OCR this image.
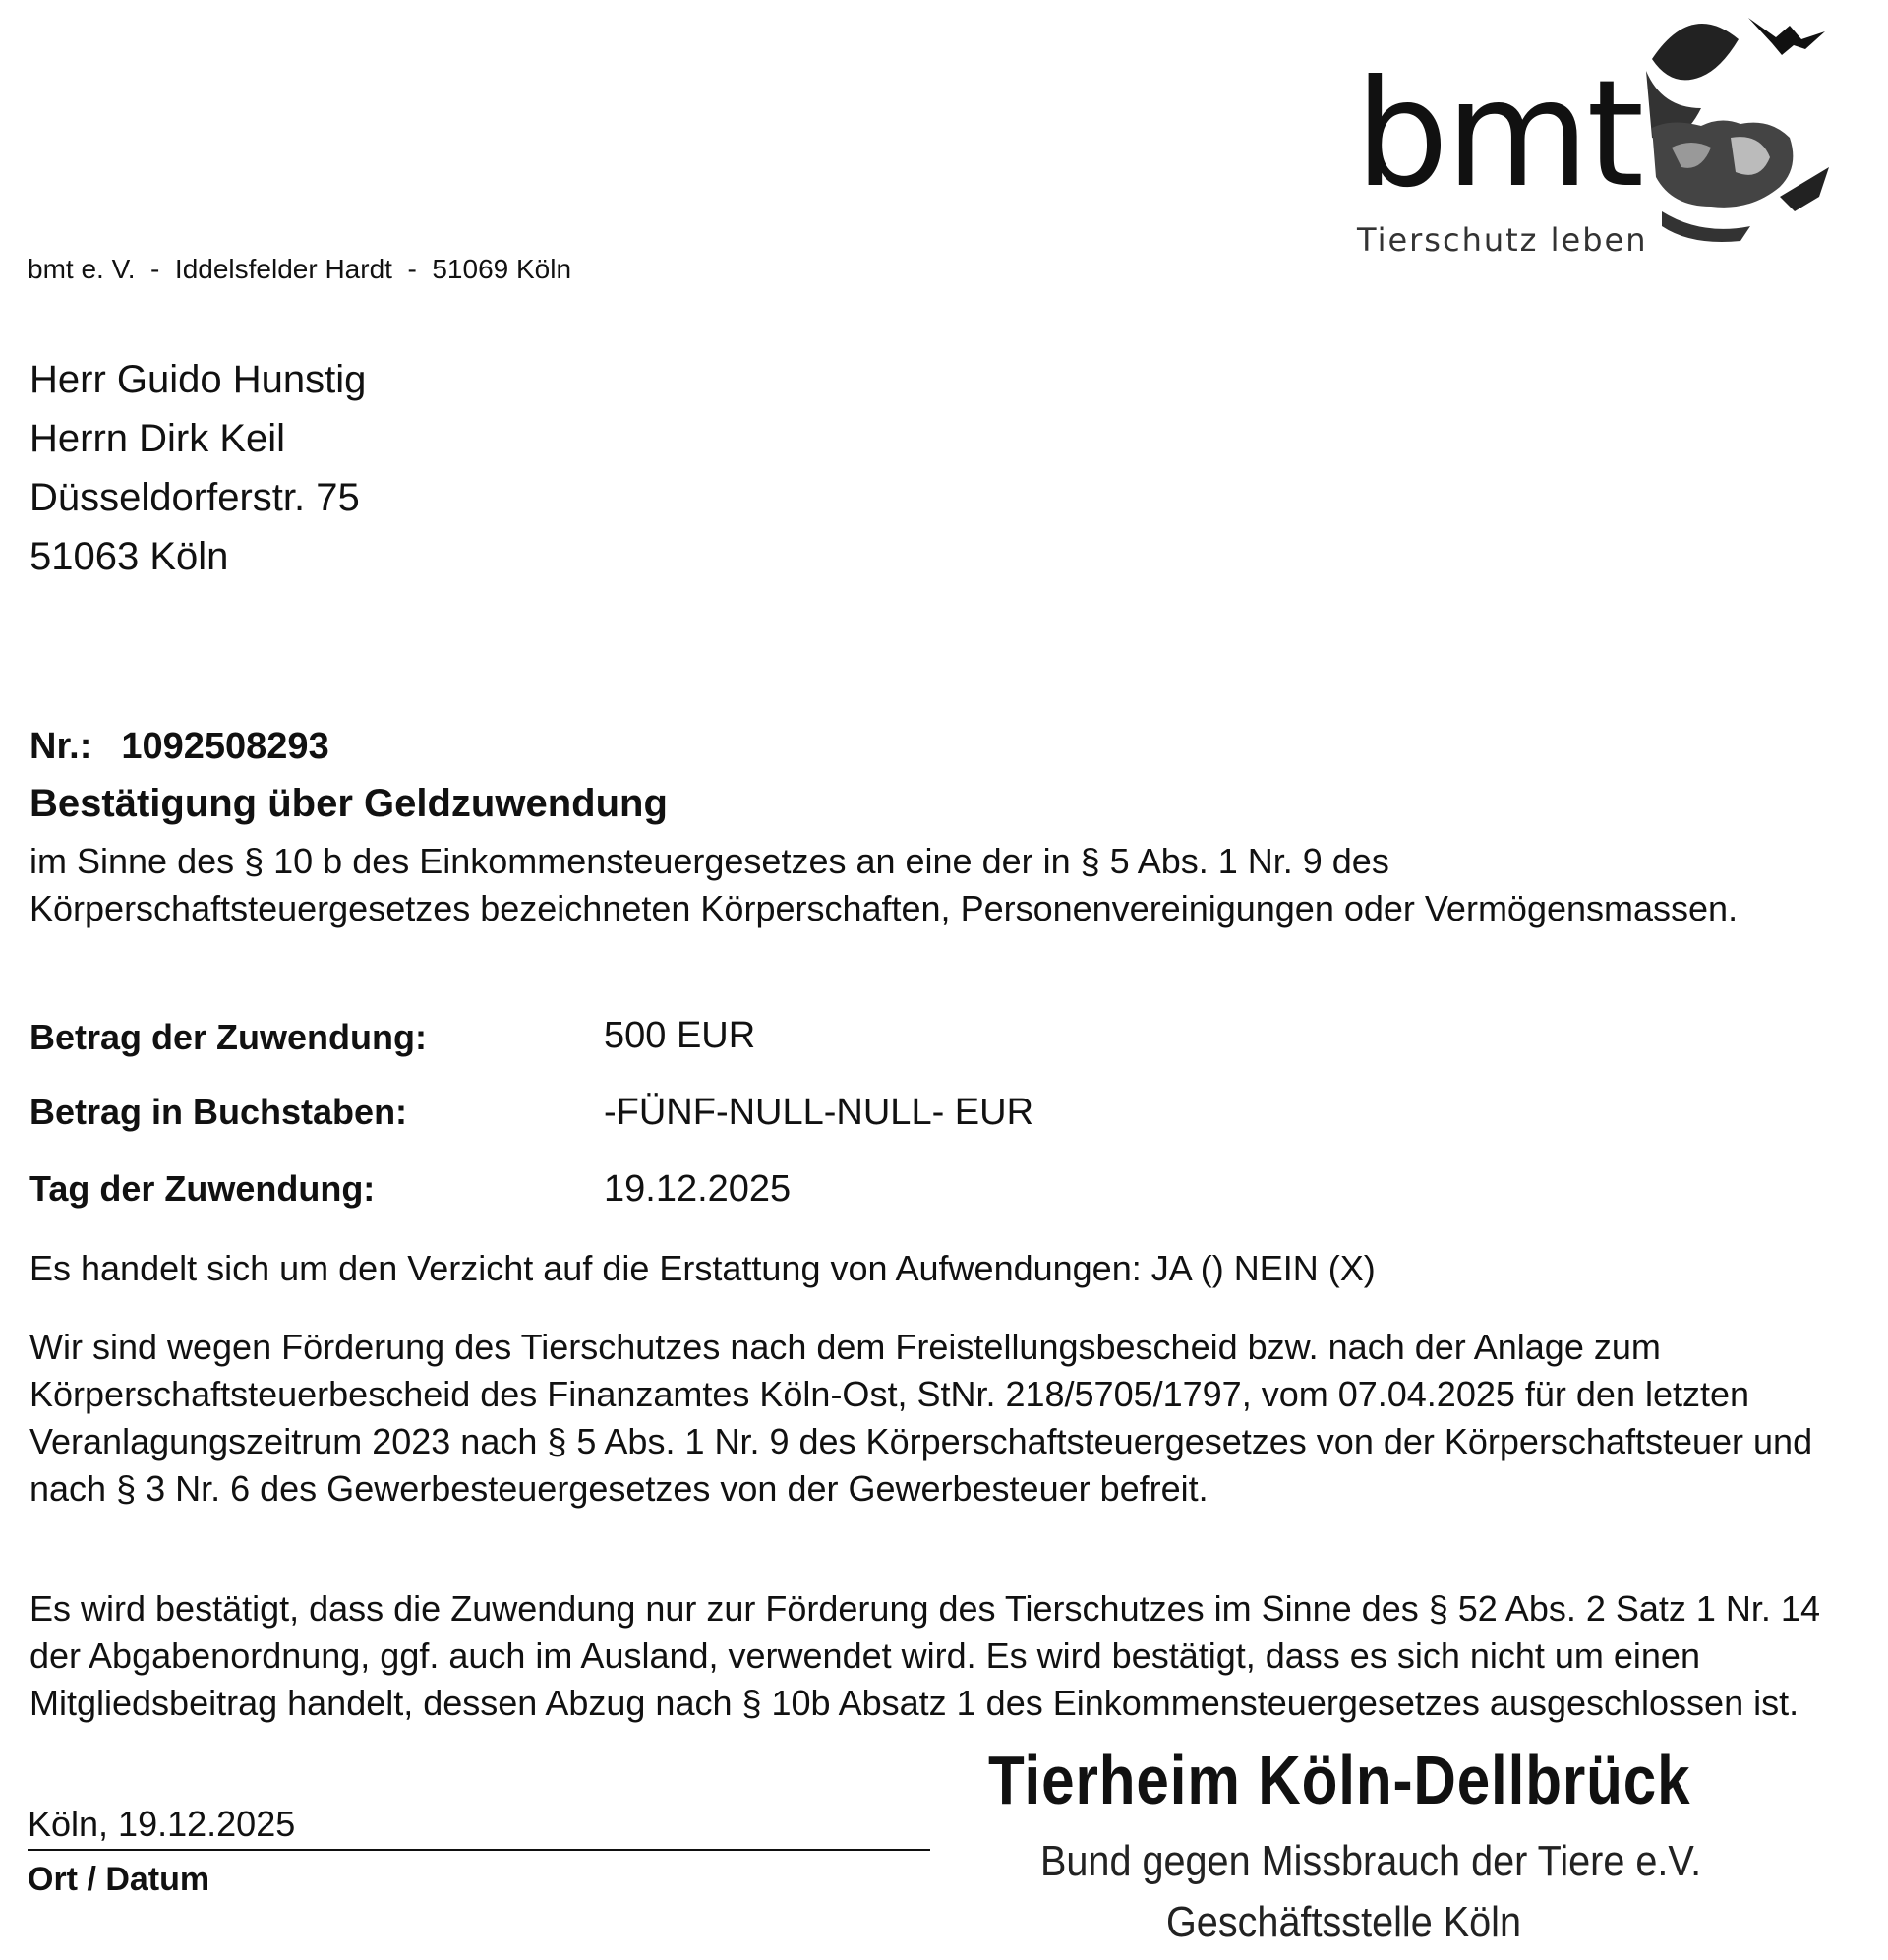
bmt
Tierschutz leben
bmt e. V.  -  Iddelsfelder Hardt  -  51069 Köln
Herr Guido Hunstig
Herrn Dirk Keil
Düsseldorferstr. 75
51063 Köln
Nr.: 1092508293
Bestätigung über Geldzuwendung
im Sinne des § 10 b des Einkommensteuergesetzes an eine der in § 5 Abs. 1 Nr. 9 des Körperschaftsteuergesetzes bezeichneten Körperschaften, Personenvereinigungen oder Vermögensmassen.
Betrag der Zuwendung:	500 EUR
Betrag in Buchstaben:	-FÜNF-NULL-NULL- EUR
Tag der Zuwendung:	19.12.2025
Es handelt sich um den Verzicht auf die Erstattung von Aufwendungen: JA () NEIN (X)
Wir sind wegen Förderung des Tierschutzes nach dem Freistellungsbescheid bzw. nach der Anlage zum Körperschaftsteuerbescheid des Finanzamtes Köln-Ost, StNr. 218/5705/1797, vom 07.04.2025 für den letzten Veranlagungszeitrum 2023 nach § 5 Abs. 1 Nr. 9 des Körperschaftsteuergesetzes von der Körperschaftsteuer und nach § 3 Nr. 6 des Gewerbesteuergesetzes von der Gewerbesteuer befreit.
Es wird bestätigt, dass die Zuwendung nur zur Förderung des Tierschutzes im Sinne des § 52 Abs. 2 Satz 1 Nr. 14 der Abgabenordnung, ggf. auch im Ausland, verwendet wird. Es wird bestätigt, dass es sich nicht um einen Mitgliedsbeitrag handelt, dessen Abzug nach § 10b Absatz 1 des Einkommensteuergesetzes ausgeschlossen ist.
Köln, 19.12.2025
Ort / Datum
Tierheim Köln-Dellbrück
Bund gegen Missbrauch der Tiere e.V.
Geschäftsstelle Köln
